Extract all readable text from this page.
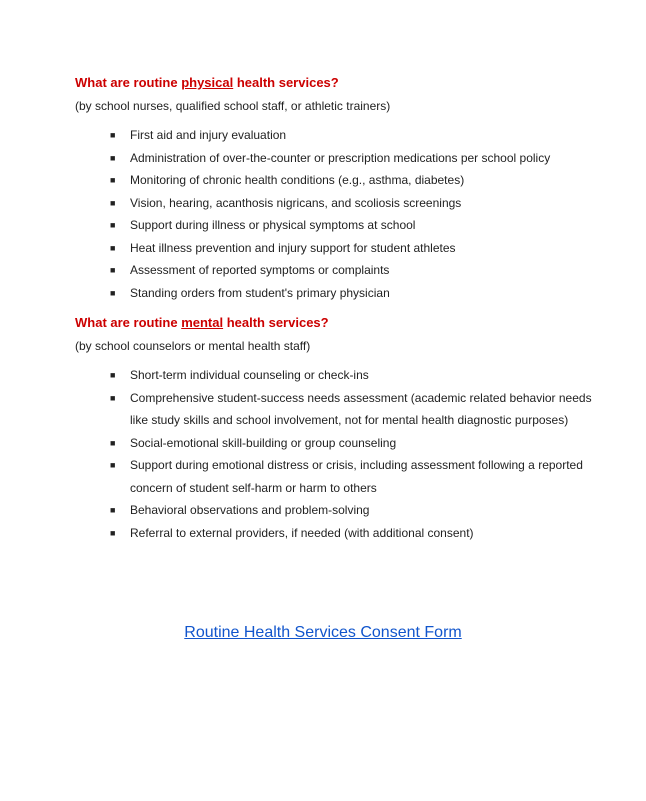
What are routine physical health services?

(by school nurses, qualified school staff, or athletic trainers)

■ First aid and injury evaluation
■ Administration of over-the-counter or prescription medications per school policy
■ Monitoring of chronic health conditions (e.g., asthma, diabetes)
■ Vision, hearing, acanthosis nigricans, and scoliosis screenings
■ Support during illness or physical symptoms at school
■ Heat illness prevention and injury support for student athletes
■ Assessment of reported symptoms or complaints
■ Standing orders from student's primary physician
What are routine mental health services?

(by school counselors or mental health staff)

■ Short-term individual counseling or check-ins
■ Comprehensive student-success needs assessment (academic related behavior needs like study skills and school involvement, not for mental health diagnostic purposes)
■ Social-emotional skill-building or group counseling
■ Support during emotional distress or crisis, including assessment following a reported concern of student self-harm or harm to others
■ Behavioral observations and problem-solving
■ Referral to external providers, if needed (with additional consent)
Routine Health Services Consent Form
